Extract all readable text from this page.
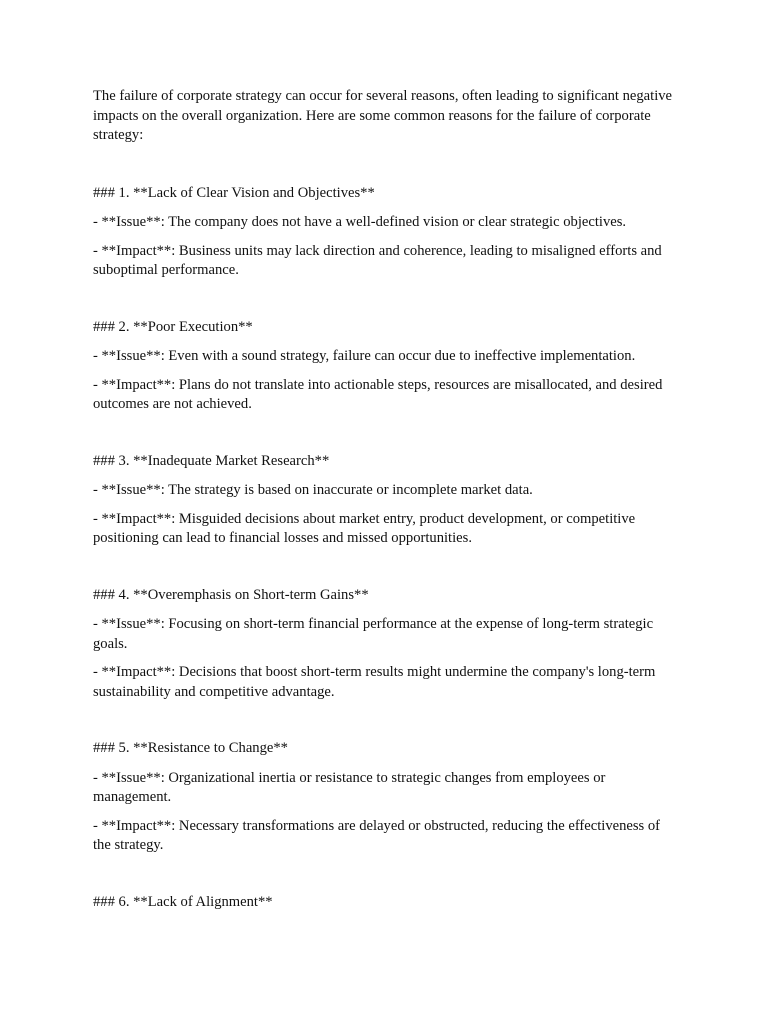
The failure of corporate strategy can occur for several reasons, often leading to significant negative impacts on the overall organization. Here are some common reasons for the failure of corporate strategy:

### 1. **Lack of Clear Vision and Objectives**

- **Issue**: The company does not have a well-defined vision or clear strategic objectives.

- **Impact**: Business units may lack direction and coherence, leading to misaligned efforts and suboptimal performance.

### 2. **Poor Execution**

- **Issue**: Even with a sound strategy, failure can occur due to ineffective implementation.

- **Impact**: Plans do not translate into actionable steps, resources are misallocated, and desired outcomes are not achieved.

### 3. **Inadequate Market Research**

- **Issue**: The strategy is based on inaccurate or incomplete market data.

- **Impact**: Misguided decisions about market entry, product development, or competitive positioning can lead to financial losses and missed opportunities.

### 4. **Overemphasis on Short-term Gains**

- **Issue**: Focusing on short-term financial performance at the expense of long-term strategic goals.

- **Impact**: Decisions that boost short-term results might undermine the company's long-term sustainability and competitive advantage.

### 5. **Resistance to Change**

- **Issue**: Organizational inertia or resistance to strategic changes from employees or management.

- **Impact**: Necessary transformations are delayed or obstructed, reducing the effectiveness of the strategy.

### 6. **Lack of Alignment**
